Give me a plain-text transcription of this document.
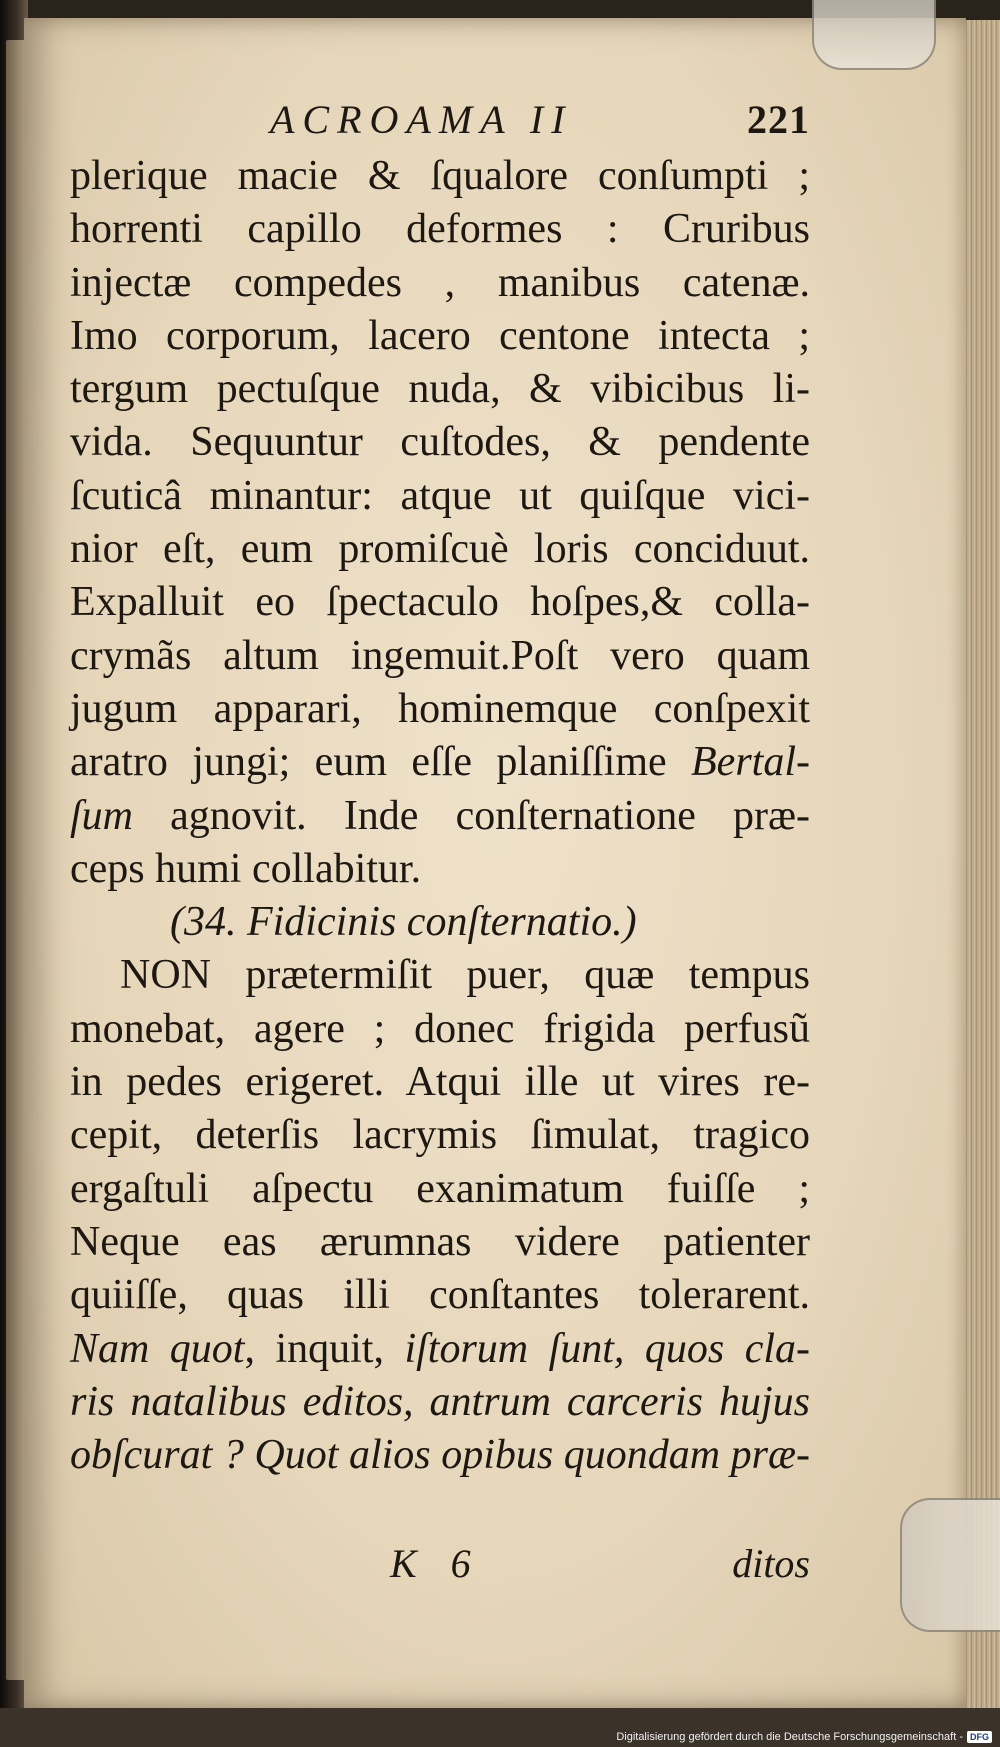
ACROAMA II	221
plerique macie & ſqualore conſumpti ;
horrenti capillo deformes : Cruribus
injectæ compedes , manibus catenæ.
Imo corporum, lacero centone intecta ;
tergum pectuſque nuda, & vibicibus li-
vida. Sequuntur cuſtodes, & pendente
ſcuticâ minantur: atque ut quiſque vici-
nior eſt, eum promiſcuè loris conciduut.
Expalluit eo ſpectaculo hoſpes,& colla-
crymãs altum ingemuit.Poſt vero quam
jugum apparari, hominemque conſpexit
aratro jungi; eum eſſe planiſſime Bertal-
ſum agnovit. Inde conſternatione præ-
ceps humi collabitur.
(34. Fidicinis conſternatio.)
NON prætermiſit puer, quæ tempus
monebat, agere ; donec frigida perfusũ
in pedes erigeret. Atqui ille ut vires re-
cepit, deterſis lacrymis ſimulat, tragico
ergaſtuli aſpectu exanimatum fuiſſe ;
Neque eas ærumnas videre patienter
quiiſſe, quas illi conſtantes tolerarent.
Nam quot, inquit, iſtorum ſunt, quos cla-
ris natalibus editos, antrum carceris hujus
obſcurat ? Quot alios opibus quondam præ-
K 6	ditos
Digitalisierung gefördert durch die Deutsche Forschungsgemeinschaft - DFG
